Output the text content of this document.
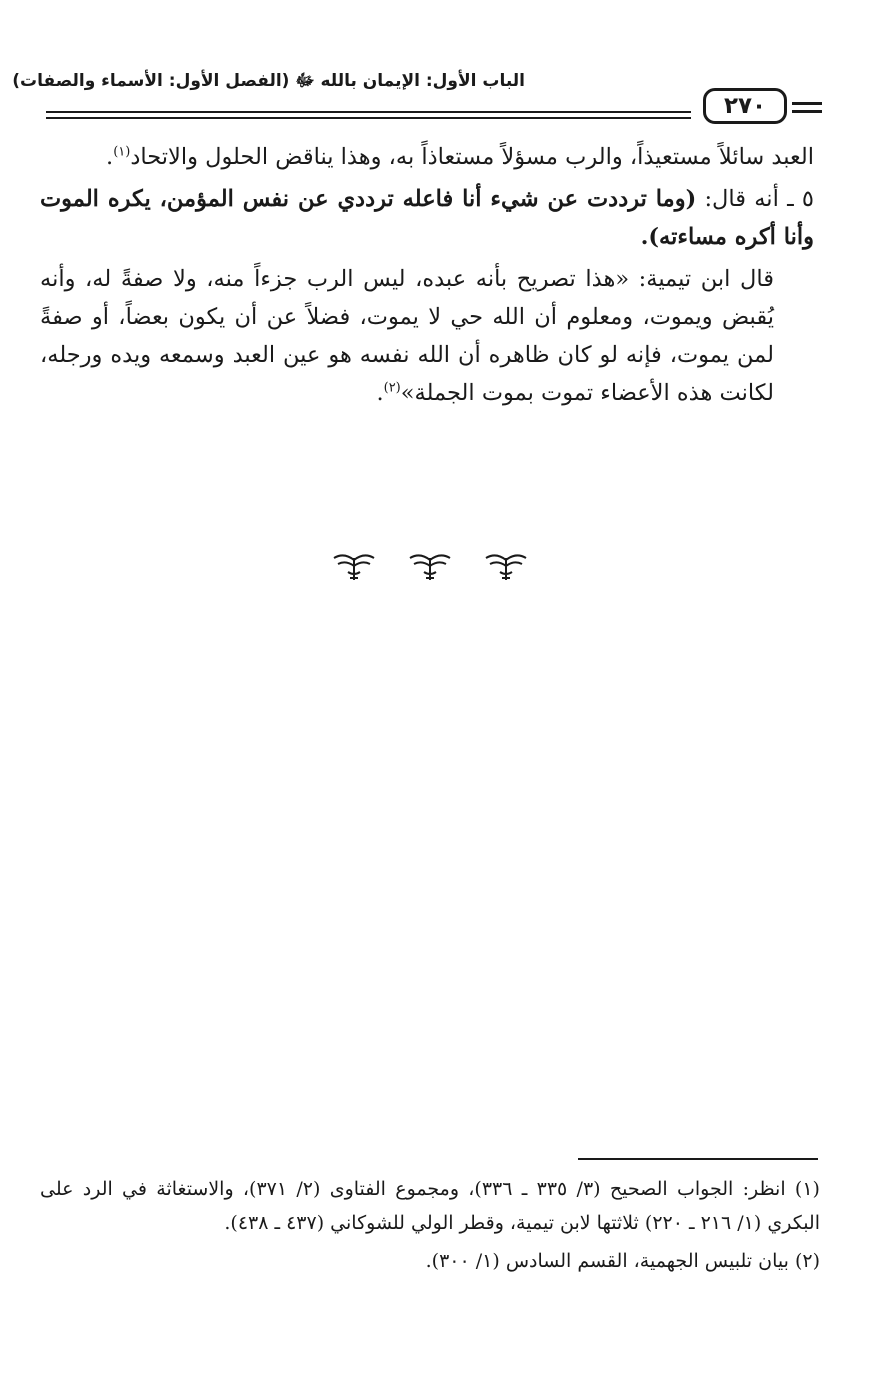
الباب الأول: الإيمان بالله ﷻ (الفصل الأول: الأسماء والصفات)
٢٧٠

العبد سائلاً مستعيذاً، والرب مسؤلاً مستعاذاً به، وهذا يناقض الحلول والاتحاد$^{(١)}$.

٥ ـ أنه قال: (وما ترددت عن شيء أنا فاعله ترددي عن نفس المؤمن، يكره الموت وأنا أكره مساءته).

قال ابن تيمية: «هذا تصريح بأنه عبده، ليس الرب جزءاً منه، ولا صفةً له، وأنه يُقبض ويموت، ومعلوم أن الله حي لا يموت، فضلاً عن أن يكون بعضاً، أو صفةً لمن يموت، فإنه لو كان ظاهره أن الله نفسه هو عين العبد وسمعه ويده ورجله، لكانت هذه الأعضاء تموت بموت الجملة»$^{(٢)}$.

(١) انظر: الجواب الصحيح (٣/ ٣٣٥ ـ ٣٣٦)، ومجموع الفتاوى (٢/ ٣٧١)، والاستغاثة في الرد على البكري (١/ ٢١٦ ـ ٢٢٠) ثلاثتها لابن تيمية، وقطر الولي للشوكاني (٤٣٧ ـ ٤٣٨).

(٢) بيان تلبيس الجهمية، القسم السادس (١/ ٣٠٠).
